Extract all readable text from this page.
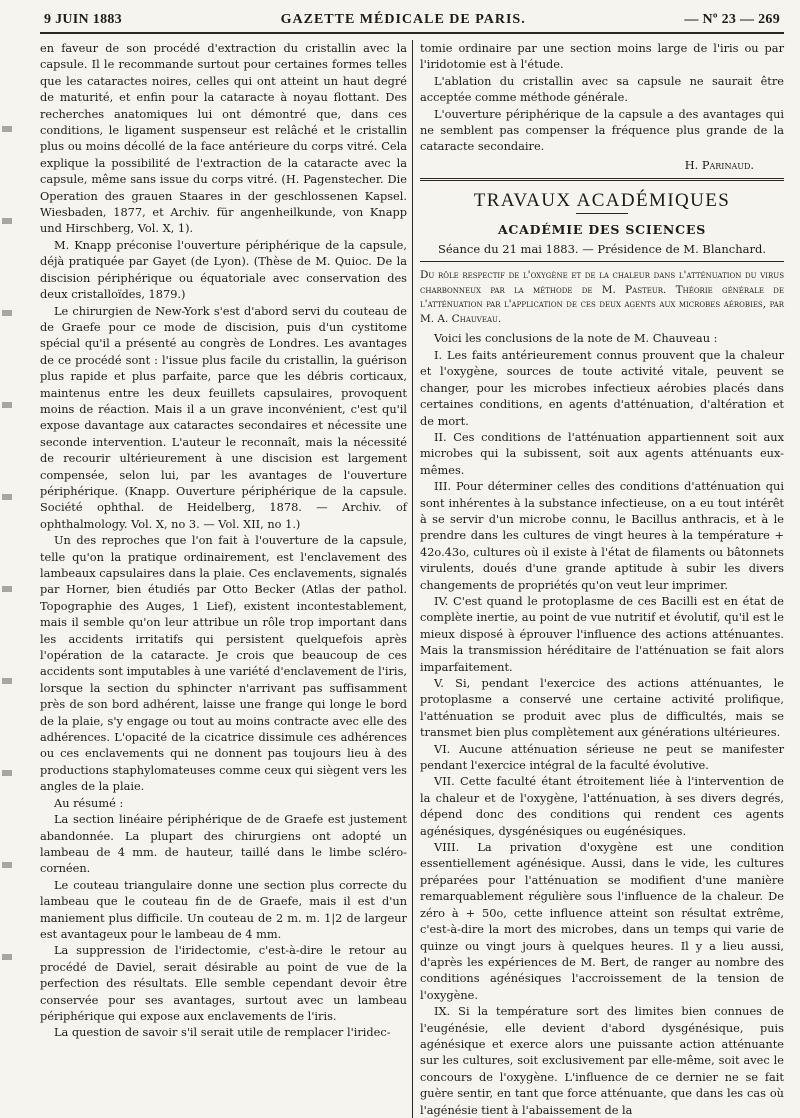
9 JUIN 1883	GAZETTE MÉDICALE DE PARIS.	— Nº 23 — 269

en faveur de son procédé d'extraction du cristallin avec la capsule. Il le recommande surtout pour certaines formes telles que les cataractes noires, celles qui ont atteint un haut degré de maturité, et enfin pour la cataracte à noyau flottant. Des recherches anatomiques lui ont démontré que, dans ces conditions, le ligament suspenseur est relâché et le cristallin plus ou moins décollé de la face antérieure du corps vitré. Cela explique la possibilité de l'extraction de la cataracte avec la capsule, même sans issue du corps vitré. (H. Pagenstecher. Die Operation des grauen Staares in der geschlossenen Kapsel. Wiesbaden, 1877, et Archiv. für angenheilkunde, von Knapp und Hirschberg, Vol. X, 1).

M. Knapp préconise l'ouverture périphérique de la capsule, déjà pratiquée par Gayet (de Lyon). (Thèse de M. Quioc. De la discision périphérique ou équatoriale avec conservation des deux cristalloïdes, 1879.)

Le chirurgien de New-York s'est d'abord servi du couteau de de Graefe pour ce mode de discision, puis d'un cystitome spécial qu'il a présenté au congrès de Londres. Les avantages de ce procédé sont : l'issue plus facile du cristallin, la guérison plus rapide et plus parfaite, parce que les débris corticaux, maintenus entre les deux feuillets capsulaires, provoquent moins de réaction. Mais il a un grave inconvénient, c'est qu'il expose davantage aux cataractes secondaires et nécessite une seconde intervention. L'auteur le reconnaît, mais la nécessité de recourir ultérieurement à une discision est largement compensée, selon lui, par les avantages de l'ouverture périphérique. (Knapp. Ouverture périphérique de la capsule. Société ophthal. de Heidelberg, 1878. — Archiv. of ophthalmology. Vol. X, no 3. — Vol. XII, no 1.)

Un des reproches que l'on fait à l'ouverture de la capsule, telle qu'on la pratique ordinairement, est l'enclavement des lambeaux capsulaires dans la plaie. Ces enclavements, signalés par Horner, bien étudiés par Otto Becker (Atlas der pathol. Topographie des Auges, 1 Lief), existent incontestablement, mais il semble qu'on leur attribue un rôle trop important dans les accidents irritatifs qui persistent quelquefois après l'opération de la cataracte. Je crois que beaucoup de ces accidents sont imputables à une variété d'enclavement de l'iris, lorsque la section du sphincter n'arrivant pas suffisamment près de son bord adhérent, laisse une frange qui longe le bord de la plaie, s'y engage ou tout au moins contracte avec elle des adhérences. L'opacité de la cicatrice dissimule ces adhérences ou ces enclavements qui ne donnent pas toujours lieu à des productions staphylomateuses comme ceux qui siègent vers les angles de la plaie.

Au résumé :

La section linéaire périphérique de de Graefe est justement abandonnée. La plupart des chirurgiens ont adopté un lambeau de 4 mm. de hauteur, taillé dans le limbe scléro-cornéen.

Le couteau triangulaire donne une section plus correcte du lambeau que le couteau fin de de Graefe, mais il est d'un maniement plus difficile. Un couteau de 2 m. m. 1|2 de largeur est avantageux pour le lambeau de 4 mm.

La suppression de l'iridectomie, c'est-à-dire le retour au procédé de Daviel, serait désirable au point de vue de la perfection des résultats. Elle semble cependant devoir être conservée pour ses avantages, surtout avec un lambeau périphérique qui expose aux enclavements de l'iris.

La question de savoir s'il serait utile de remplacer l'iridec-

tomie ordinaire par une section moins large de l'iris ou par l'iridotomie est à l'étude.

L'ablation du cristallin avec sa capsule ne saurait être acceptée comme méthode générale.

L'ouverture périphérique de la capsule a des avantages qui ne semblent pas compenser la fréquence plus grande de la cataracte secondaire.

H. Parinaud.

TRAVAUX ACADÉMIQUES
ACADÉMIE DES SCIENCES
Séance du 21 mai 1883. — Présidence de M. Blanchard.

Du rôle respectif de l'oxygène et de la chaleur dans l'atténuation du virus charbonneux par la méthode de M. Pasteur. Théorie générale de l'atténuation par l'application de ces deux agents aux microbes aérobies, par M. A. Chauveau.

Voici les conclusions de la note de M. Chauveau :

I. Les faits antérieurement connus prouvent que la chaleur et l'oxygène, sources de toute activité vitale, peuvent se changer, pour les microbes infectieux aérobies placés dans certaines conditions, en agents d'atténuation, d'altération et de mort.

II. Ces conditions de l'atténuation appartiennent soit aux microbes qui la subissent, soit aux agents atténuants eux-mêmes.

III. Pour déterminer celles des conditions d'atténuation qui sont inhérentes à la substance infectieuse, on a eu tout intérêt à se servir d'un microbe connu, le Bacillus anthracis, et à le prendre dans les cultures de vingt heures à la température + 42o.43o, cultures où il existe à l'état de filaments ou bâtonnets virulents, doués d'une grande aptitude à subir les divers changements de propriétés qu'on veut leur imprimer.

IV. C'est quand le protoplasme de ces Bacilli est en état de complète inertie, au point de vue nutritif et évolutif, qu'il est le mieux disposé à éprouver l'influence des actions atténuantes. Mais la transmission héréditaire de l'atténuation se fait alors imparfaitement.

V. Si, pendant l'exercice des actions atténuantes, le protoplasme a conservé une certaine activité prolifique, l'atténuation se produit avec plus de difficultés, mais se transmet bien plus complètement aux générations ultérieures.

VI. Aucune atténuation sérieuse ne peut se manifester pendant l'exercice intégral de la faculté évolutive.

VII. Cette faculté étant étroitement liée à l'intervention de la chaleur et de l'oxygène, l'atténuation, à ses divers degrés, dépend donc des conditions qui rendent ces agents agénésiques, dysgénésiques ou eugénésiques.

VIII. La privation d'oxygène est une condition essentiellement agénésique. Aussi, dans le vide, les cultures préparées pour l'atténuation se modifient d'une manière remarquablement régulière sous l'influence de la chaleur. De zéro à + 50o, cette influence atteint son résultat extrême, c'est-à-dire la mort des microbes, dans un temps qui varie de quinze ou vingt jours à quelques heures. Il y a lieu aussi, d'après les expériences de M. Bert, de ranger au nombre des conditions agénésiques l'accroissement de la tension de l'oxygène.

IX. Si la température sort des limites bien connues de l'eugénésie, elle devient d'abord dysgénésique, puis agénésique et exerce alors une puissante action atténuante sur les cultures, soit exclusivement par elle-même, soit avec le concours de l'oxygène. L'influence de ce dernier ne se fait guère sentir, en tant que force atténuante, que dans les cas où l'agénésie tient à l'abaissement de la
